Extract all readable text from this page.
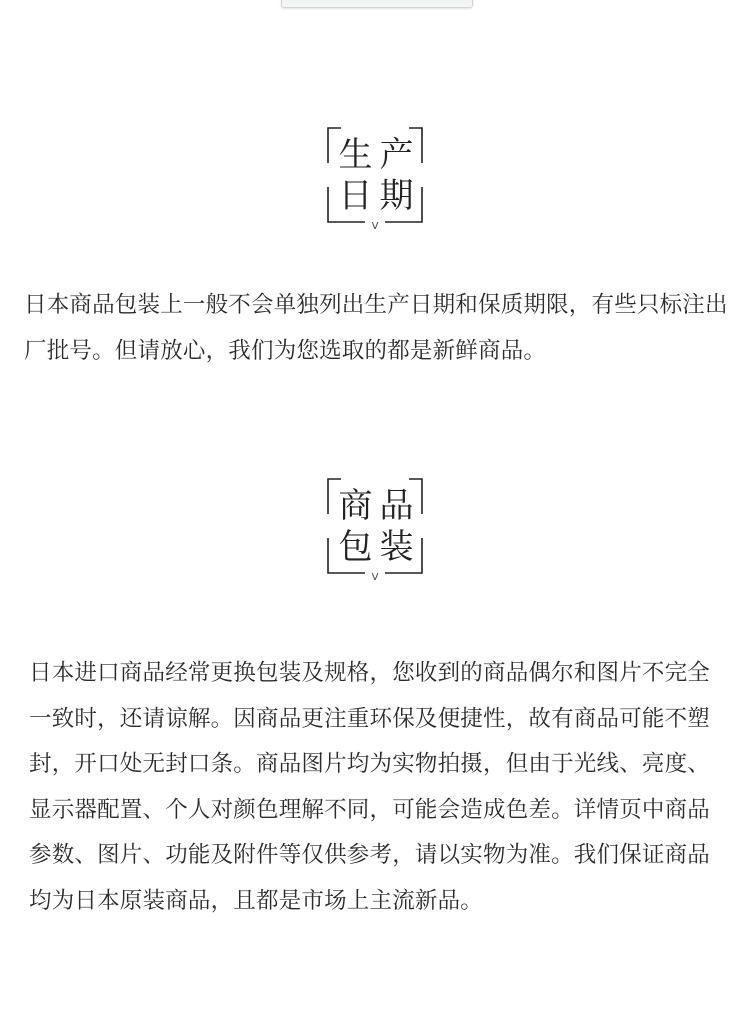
V
生 产
日 期

日本商品包装上一般不会单独列出生产日期和保质期限，有些只标注出厂批号。但请放心，我们为您选取的都是新鲜商品。

V
商 品
包 装

日本进口商品经常更换包装及规格，您收到的商品偶尔和图片不完全一致时，还请谅解。因商品更注重环保及便捷性，故有商品可能不塑封，开口处无封口条。商品图片均为实物拍摄，但由于光线、亮度、显示器配置、个人对颜色理解不同，可能会造成色差。详情页中商品参数、图片、功能及附件等仅供参考，请以实物为准。我们保证商品均为日本原装商品，且都是市场上主流新品。
